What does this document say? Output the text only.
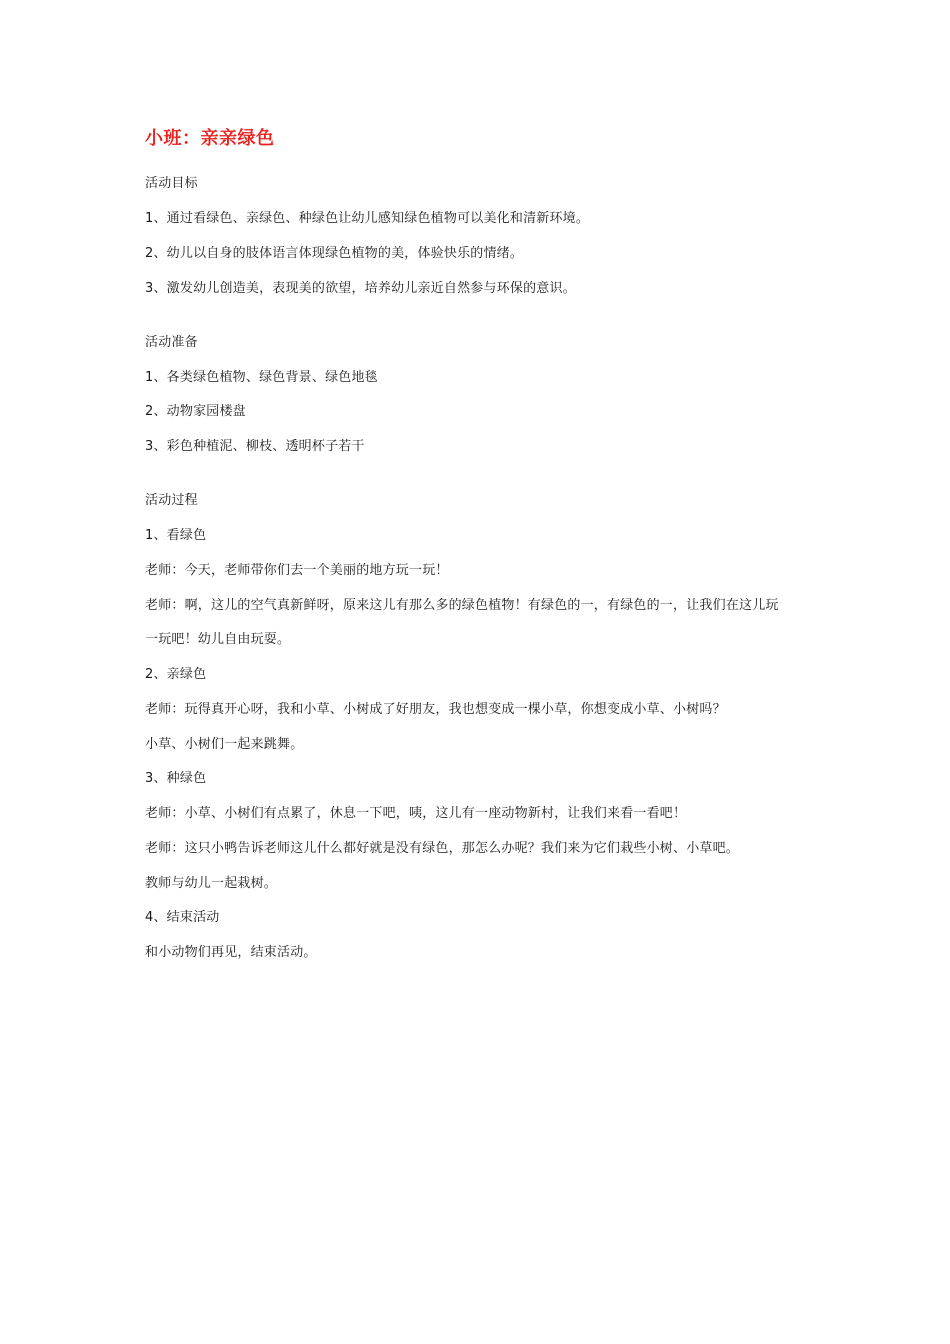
小班：亲亲绿色
活动目标
1、通过看绿色、亲绿色、种绿色让幼儿感知绿色植物可以美化和清新环境。
2、幼儿以自身的肢体语言体现绿色植物的美，体验快乐的情绪。
3、激发幼儿创造美，表现美的欲望，培养幼儿亲近自然参与环保的意识。
活动准备
1、各类绿色植物、绿色背景、绿色地毯
2、动物家园楼盘
3、彩色种植泥、柳枝、透明杯子若干
活动过程
1、看绿色
老师：今天，老师带你们去一个美丽的地方玩一玩！
老师：啊，这儿的空气真新鲜呀，原来这儿有那么多的绿色植物！有绿色的一，有绿色的一，让我们在这儿玩
一玩吧！幼儿自由玩耍。
2、亲绿色
老师：玩得真开心呀，我和小草、小树成了好朋友，我也想变成一棵小草，你想变成小草、小树吗？
小草、小树们一起来跳舞。
3、种绿色
老师：小草、小树们有点累了，休息一下吧，咦，这儿有一座动物新村，让我们来看一看吧！
老师：这只小鸭告诉老师这儿什么都好就是没有绿色，那怎么办呢？我们来为它们栽些小树、小草吧。
教师与幼儿一起栽树。
4、结束活动
和小动物们再见，结束活动。
